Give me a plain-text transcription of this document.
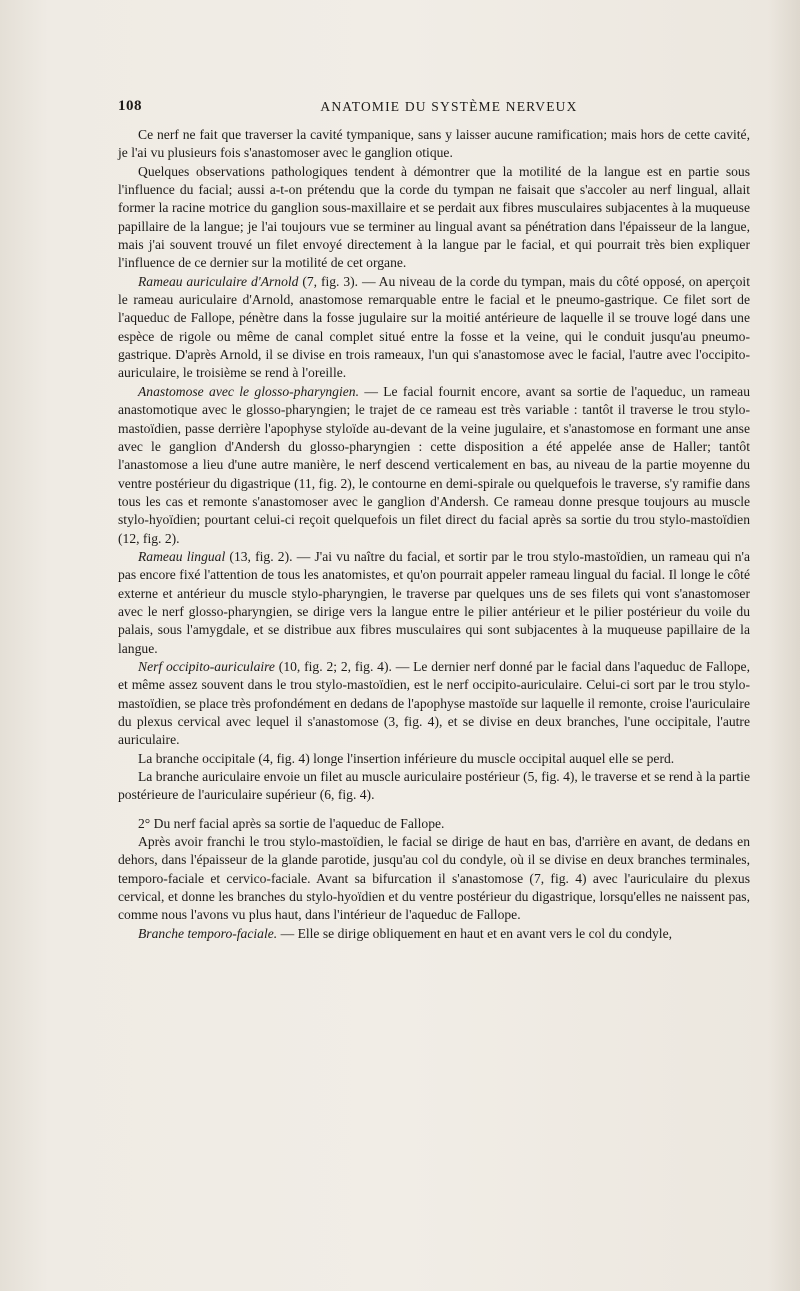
108	ANATOMIE DU SYSTÈME NERVEUX

Ce nerf ne fait que traverser la cavité tympanique, sans y laisser aucune ramification; mais hors de cette cavité, je l'ai vu plusieurs fois s'anastomoser avec le ganglion otique.

Quelques observations pathologiques tendent à démontrer que la motilité de la langue est en partie sous l'influence du facial; aussi a-t-on prétendu que la corde du tympan ne faisait que s'accoler au nerf lingual, allait former la racine motrice du ganglion sous-maxillaire et se perdait aux fibres musculaires subjacentes à la muqueuse papillaire de la langue; je l'ai toujours vue se terminer au lingual avant sa pénétration dans l'épaisseur de la langue, mais j'ai souvent trouvé un filet envoyé directement à la langue par le facial, et qui pourrait très bien expliquer l'influence de ce dernier sur la motilité de cet organe.

Rameau auriculaire d'Arnold (7, fig. 3). — Au niveau de la corde du tympan, mais du côté opposé, on aperçoit le rameau auriculaire d'Arnold, anastomose remarquable entre le facial et le pneumo-gastrique. Ce filet sort de l'aqueduc de Fallope, pénètre dans la fosse jugulaire sur la moitié antérieure de laquelle il se trouve logé dans une espèce de rigole ou même de canal complet situé entre la fosse et la veine, qui le conduit jusqu'au pneumo-gastrique. D'après Arnold, il se divise en trois rameaux, l'un qui s'anastomose avec le facial, l'autre avec l'occipito-auriculaire, le troisième se rend à l'oreille.

Anastomose avec le glosso-pharyngien. — Le facial fournit encore, avant sa sortie de l'aqueduc, un rameau anastomotique avec le glosso-pharyngien; le trajet de ce rameau est très variable : tantôt il traverse le trou stylo-mastoïdien, passe derrière l'apophyse styloïde au-devant de la veine jugulaire, et s'anastomose en formant une anse avec le ganglion d'Andersh du glosso-pharyngien : cette disposition a été appelée anse de Haller; tantôt l'anastomose a lieu d'une autre manière, le nerf descend verticalement en bas, au niveau de la partie moyenne du ventre postérieur du digastrique (11, fig. 2), le contourne en demi-spirale ou quelquefois le traverse, s'y ramifie dans tous les cas et remonte s'anastomoser avec le ganglion d'Andersh. Ce rameau donne presque toujours au muscle stylo-hyoïdien; pourtant celui-ci reçoit quelquefois un filet direct du facial après sa sortie du trou stylo-mastoïdien (12, fig. 2).

Rameau lingual (13, fig. 2). — J'ai vu naître du facial, et sortir par le trou stylo-mastoïdien, un rameau qui n'a pas encore fixé l'attention de tous les anatomistes, et qu'on pourrait appeler rameau lingual du facial. Il longe le côté externe et antérieur du muscle stylo-pharyngien, le traverse par quelques uns de ses filets qui vont s'anastomoser avec le nerf glosso-pharyngien, se dirige vers la langue entre le pilier antérieur et le pilier postérieur du voile du palais, sous l'amygdale, et se distribue aux fibres musculaires qui sont subjacentes à la muqueuse papillaire de la langue.

Nerf occipito-auriculaire (10, fig. 2; 2, fig. 4). — Le dernier nerf donné par le facial dans l'aqueduc de Fallope, et même assez souvent dans le trou stylo-mastoïdien, est le nerf occipito-auriculaire. Celui-ci sort par le trou stylo-mastoïdien, se place très profondément en dedans de l'apophyse mastoïde sur laquelle il remonte, croise l'auriculaire du plexus cervical avec lequel il s'anastomose (3, fig. 4), et se divise en deux branches, l'une occipitale, l'autre auriculaire.

La branche occipitale (4, fig. 4) longe l'insertion inférieure du muscle occipital auquel elle se perd.

La branche auriculaire envoie un filet au muscle auriculaire postérieur (5, fig. 4), le traverse et se rend à la partie postérieure de l'auriculaire supérieur (6, fig. 4).

2° Du nerf facial après sa sortie de l'aqueduc de Fallope.

Après avoir franchi le trou stylo-mastoïdien, le facial se dirige de haut en bas, d'arrière en avant, de dedans en dehors, dans l'épaisseur de la glande parotide, jusqu'au col du condyle, où il se divise en deux branches terminales, temporo-faciale et cervico-faciale. Avant sa bifurcation il s'anastomose (7, fig. 4) avec l'auriculaire du plexus cervical, et donne les branches du stylo-hyoïdien et du ventre postérieur du digastrique, lorsqu'elles ne naissent pas, comme nous l'avons vu plus haut, dans l'intérieur de l'aqueduc de Fallope.

Branche temporo-faciale. — Elle se dirige obliquement en haut et en avant vers le col du condyle,
